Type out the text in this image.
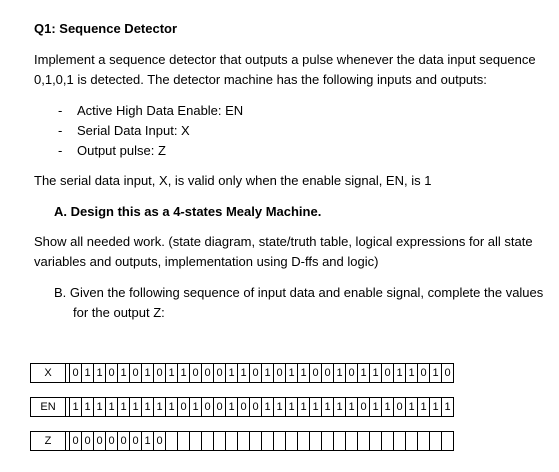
Q1: Sequence Detector
Implement a sequence detector that outputs a pulse whenever the data input sequence
0,1,0,1 is detected. The detector machine has the following inputs and outputs:
- Active High Data Enable: EN
- Serial Data Input: X
- Output pulse: Z
The serial data input, X, is valid only when the enable signal, EN, is 1
A. Design this as a 4-states Mealy Machine.
Show all needed work. (state diagram, state/truth table, logical expressions for all state
variables and outputs, implementation using D-ffs and logic)
B. Given the following sequence of input data and enable signal, complete the values
for the output Z:
X		0	1	1	0	1	0	1	0	1	1	0	0	0	1	1	0	1	0	1	1	0	0	1	0	1	1	0	1	1	0	1	0
EN		1	1	1	1	1	1	1	1	1	0	1	0	0	1	0	0	1	1	1	1	1	1	1	1	0	1	1	0	1	1	1	1
Z		0	0	0	0	0	0	1	0																								
